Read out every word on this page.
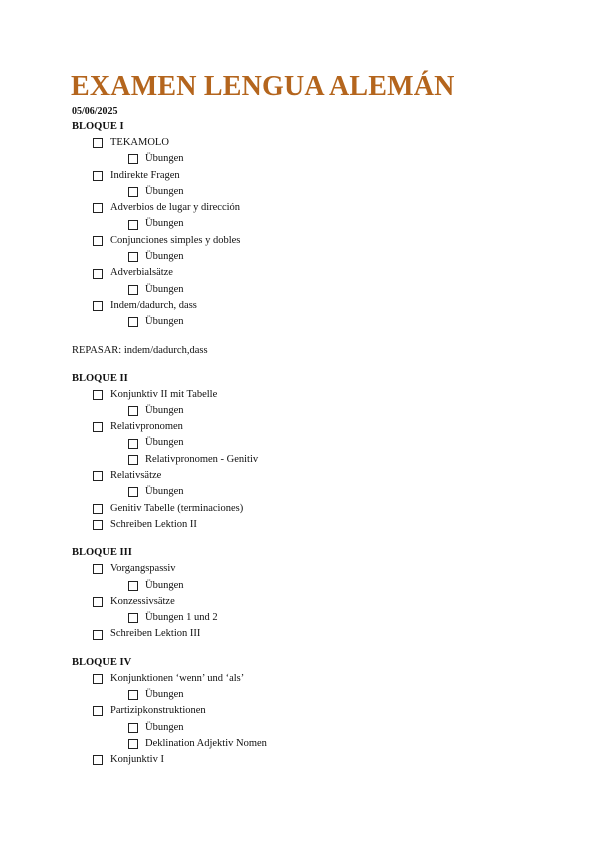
EXAMEN LENGUA ALEMÁN
05/06/2025
BLOQUE I
TEKAMOLO
Übungen
Indirekte Fragen
Übungen
Adverbios de lugar y dirección
Übungen
Conjunciones simples y dobles
Übungen
Adverbialsätze
Übungen
Indem/dadurch, dass
Übungen
REPASAR: indem/dadurch,dass
BLOQUE II
Konjunktiv II mit Tabelle
Übungen
Relativpronomen
Übungen
Relativpronomen - Genitiv
Relativsätze
Übungen
Genitiv Tabelle (terminaciones)
Schreiben Lektion II
BLOQUE III
Vorgangspassiv
Übungen
Konzessivsätze
Übungen 1 und 2
Schreiben Lektion III
BLOQUE IV
Konjunktionen ‘wenn’ und ‘als’
Übungen
Partizipkonstruktionen
Übungen
Deklination Adjektiv Nomen
Konjunktiv I
